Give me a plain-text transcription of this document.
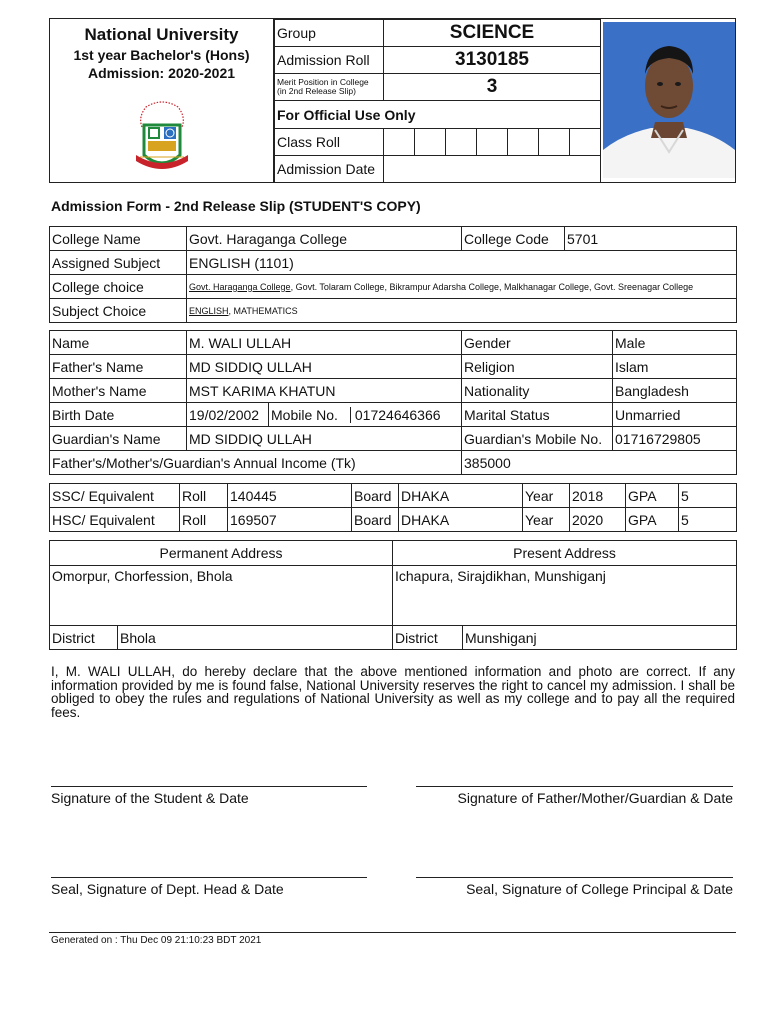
National University
1st year Bachelor's (Hons)
Admission: 2020-2021
Group	SCIENCE						
Admission Roll	3130185						

Merit Position in College
(in 2nd Release Slip)	3						
For Official Use Only							
Class Roll							
Admission Date							
Admission Form - 2nd Release Slip (STUDENT'S COPY)
College Name	Govt. Haraganga College	College Code	5701
Assigned Subject	ENGLISH (1101)		
College choice	Govt. Haraganga College, Govt. Tolaram College, Bikrampur Adarsha College, Malkhanagar College, Govt. Sreenagar College		
Subject Choice	ENGLISH, MATHEMATICS		
Name	M. WALI ULLAH		Gender	Male
Father's Name	MD SIDDIQ ULLAH		Religion	Islam
Mother's Name	MST KARIMA KHATUN		Nationality	Bangladesh
Birth Date	19/02/2002	Mobile No. 01724646366	Marital Status	Unmarried
Guardian's Name	MD SIDDIQ ULLAH		Guardian's Mobile No.	01716729805
Father's/Mother's/Guardian's Annual Income (Tk)			385000	
SSC/ Equivalent	Roll	140445	Board	DHAKA	Year	2018	GPA	5
HSC/ Equivalent	Roll	169507	Board	DHAKA	Year	2020	GPA	5
Permanent Address		Present Address	
Omorpur, Chorfession, Bhola		Ichapura, Sirajdikhan, Munshiganj	
District	Bhola	District	Munshiganj
I, M. WALI ULLAH, do hereby declare that the above mentioned information and photo are correct. If any information provided by me is found false, National University reserves the right to cancel my admission. I shall be obliged to obey the rules and regulations of National University as well as my college and to pay all the required fees.
Signature of the Student & Date	Signature of Father/Mother/Guardian & Date
Seal, Signature of Dept. Head & Date	Seal, Signature of College Principal & Date
Generated on : Thu Dec 09 21:10:23 BDT 2021
